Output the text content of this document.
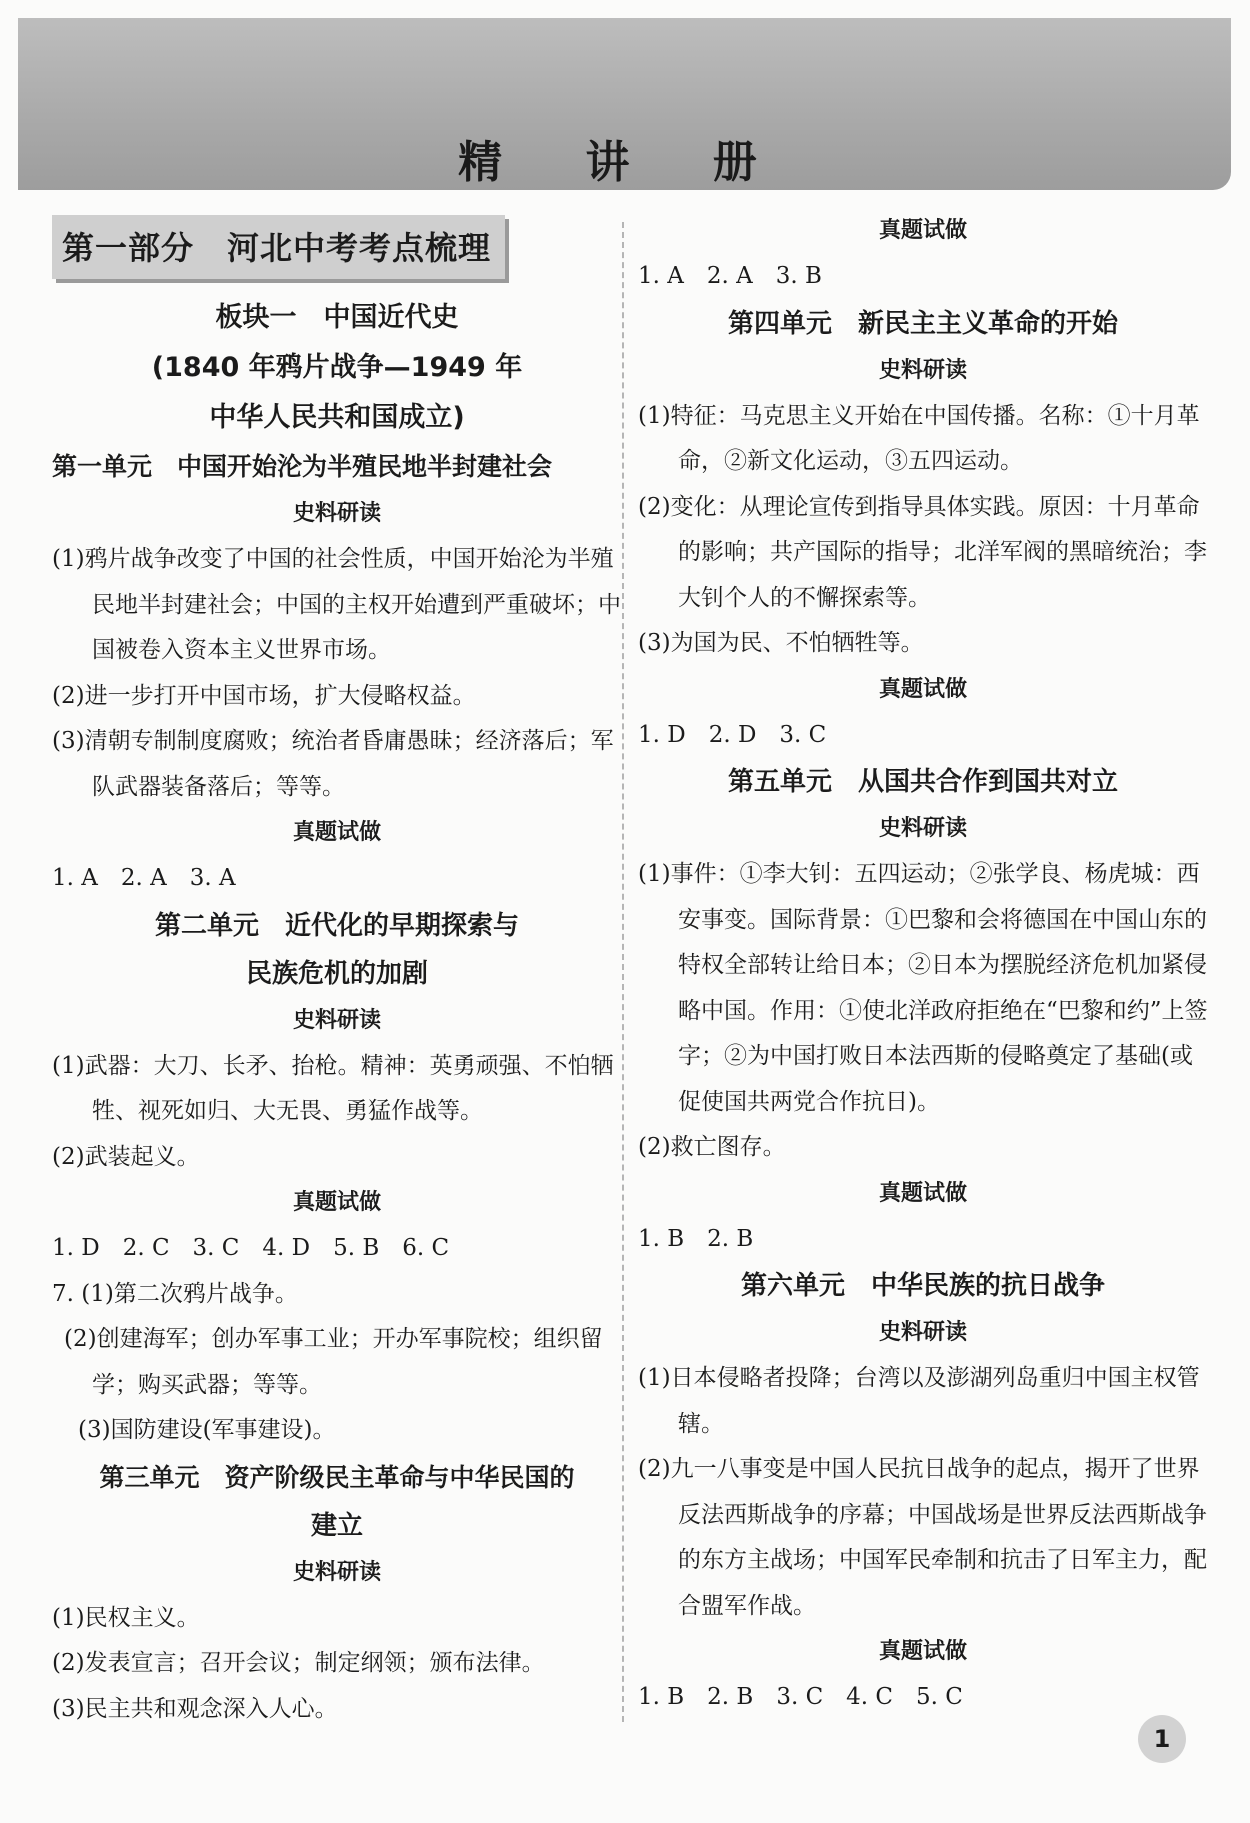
精 讲 册
第一部分　河北中考考点梳理
板块一　中国近代史
(1840 年鸦片战争—1949 年
中华人民共和国成立)
第一单元　中国开始沦为半殖民地半封建社会
史料研读
(1)鸦片战争改变了中国的社会性质，中国开始沦为半殖民地半封建社会；中国的主权开始遭到严重破坏；中国被卷入资本主义世界市场。
(2)进一步打开中国市场，扩大侵略权益。
(3)清朝专制制度腐败；统治者昏庸愚昧；经济落后；军队武器装备落后；等等。
真题试做
1. A　2. A　3. A
第二单元　近代化的早期探索与
民族危机的加剧
史料研读
(1)武器：大刀、长矛、抬枪。精神：英勇顽强、不怕牺牲、视死如归、大无畏、勇猛作战等。
(2)武装起义。
真题试做
1. D　2. C　3. C　4. D　5. B　6. C
7. (1)第二次鸦片战争。
(2)创建海军；创办军事工业；开办军事院校；组织留学；购买武器；等等。
(3)国防建设(军事建设)。
第三单元　资产阶级民主革命与中华民国的
建立
史料研读
(1)民权主义。
(2)发表宣言；召开会议；制定纲领；颁布法律。
(3)民主共和观念深入人心。
真题试做
1. A　2. A　3. B
第四单元　新民主主义革命的开始
史料研读
(1)特征：马克思主义开始在中国传播。名称：①十月革命，②新文化运动，③五四运动。
(2)变化：从理论宣传到指导具体实践。原因：十月革命的影响；共产国际的指导；北洋军阀的黑暗统治；李大钊个人的不懈探索等。
(3)为国为民、不怕牺牲等。
真题试做
1. D　2. D　3. C
第五单元　从国共合作到国共对立
史料研读
(1)事件：①李大钊：五四运动；②张学良、杨虎城：西安事变。国际背景：①巴黎和会将德国在中国山东的特权全部转让给日本；②日本为摆脱经济危机加紧侵略中国。作用：①使北洋政府拒绝在“巴黎和约”上签字；②为中国打败日本法西斯的侵略奠定了基础(或促使国共两党合作抗日)。
(2)救亡图存。
真题试做
1. B　2. B
第六单元　中华民族的抗日战争
史料研读
(1)日本侵略者投降；台湾以及澎湖列岛重归中国主权管辖。
(2)九一八事变是中国人民抗日战争的起点，揭开了世界反法西斯战争的序幕；中国战场是世界反法西斯战争的东方主战场；中国军民牵制和抗击了日军主力，配合盟军作战。
真题试做
1. B　2. B　3. C　4. C　5. C
1
